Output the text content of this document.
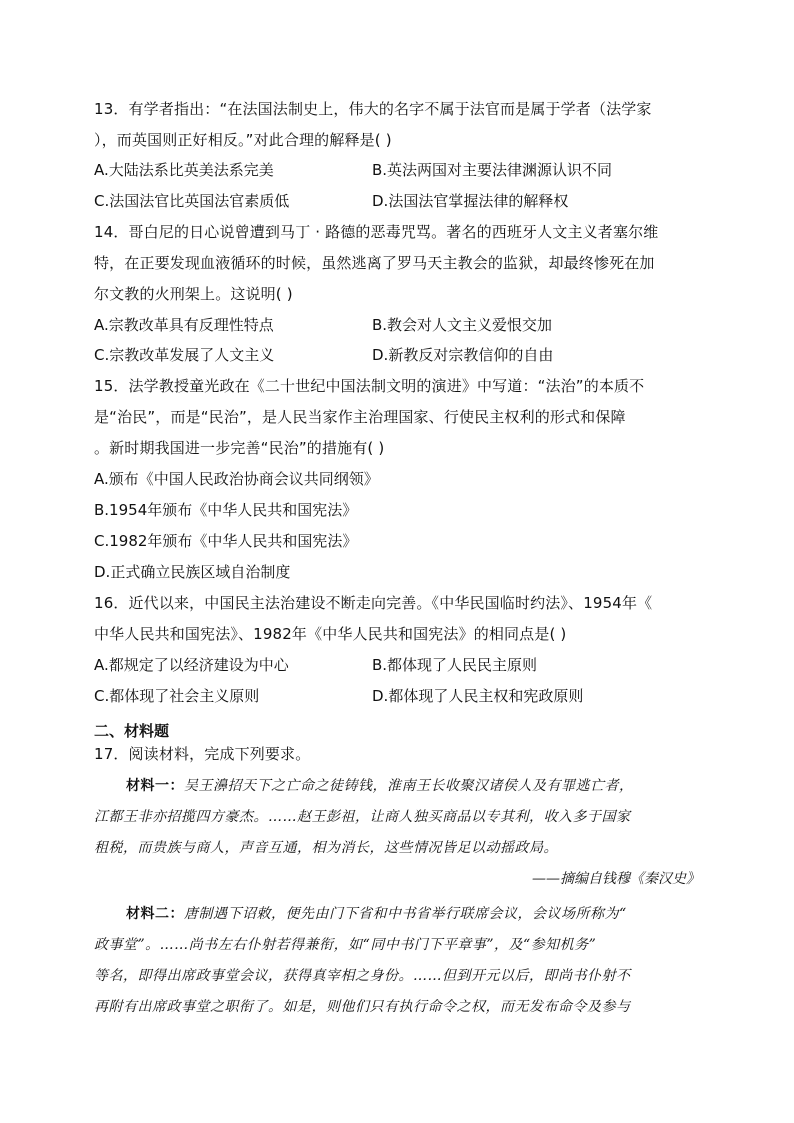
13．有学者指出：“在法国法制史上，伟大的名字不属于法官而是属于学者（法学家
），而英国则正好相反。”对此合理的解释是( )
A.大陆法系比英美法系完美	B.英法两国对主要法律渊源认识不同
C.法国法官比英国法官素质低	D.法国法官掌握法律的解释权
14．哥白尼的日心说曾遭到马丁 · 路德的恶毒咒骂。著名的西班牙人文主义者塞尔维
特，在正要发现血液循环的时候，虽然逃离了罗马天主教会的监狱，却最终惨死在加
尔文教的火刑架上。这说明( )
A.宗教改革具有反理性特点	B.教会对人文主义爱恨交加
C.宗教改革发展了人文主义	D.新教反对宗教信仰的自由
15．法学教授童光政在《二十世纪中国法制文明的演进》中写道：“法治”的本质不
是“治民”，而是“民治”，是人民当家作主治理国家、行使民主权利的形式和保障
。新时期我国进一步完善“民治”的措施有( )
A.颁布《中国人民政治协商会议共同纲领》
B.1954年颁布《中华人民共和国宪法》
C.1982年颁布《中华人民共和国宪法》
D.正式确立民族区域自治制度
16．近代以来，中国民主法治建设不断走向完善。《中华民国临时约法》、1954年《
中华人民共和国宪法》、1982年《中华人民共和国宪法》的相同点是( )
A.都规定了以经济建设为中心	B.都体现了人民民主原则
C.都体现了社会主义原则	D.都体现了人民主权和宪政原则
二、材料题
17．阅读材料，完成下列要求。
材料一：吴王濞招天下之亡命之徒铸钱，淮南王长收聚汉诸侯人及有罪逃亡者，
江都王非亦招揽四方豪杰。……赵王彭祖，让商人独买商品以专其利，收入多于国家
租税，而贵族与商人，声音互通，相为消长，这些情况皆足以动摇政局。
——摘编自钱穆《秦汉史》
材料二：唐制遇下诏敕，便先由门下省和中书省举行联席会议，会议场所称为“
政事堂”。……尚书左右仆射若得兼衔，如“同中书门下平章事”，及“参知机务”
等名，即得出席政事堂会议，获得真宰相之身份。……但到开元以后，即尚书仆射不
再附有出席政事堂之职衔了。如是，则他们只有执行命令之权，而无发布命令及参与
